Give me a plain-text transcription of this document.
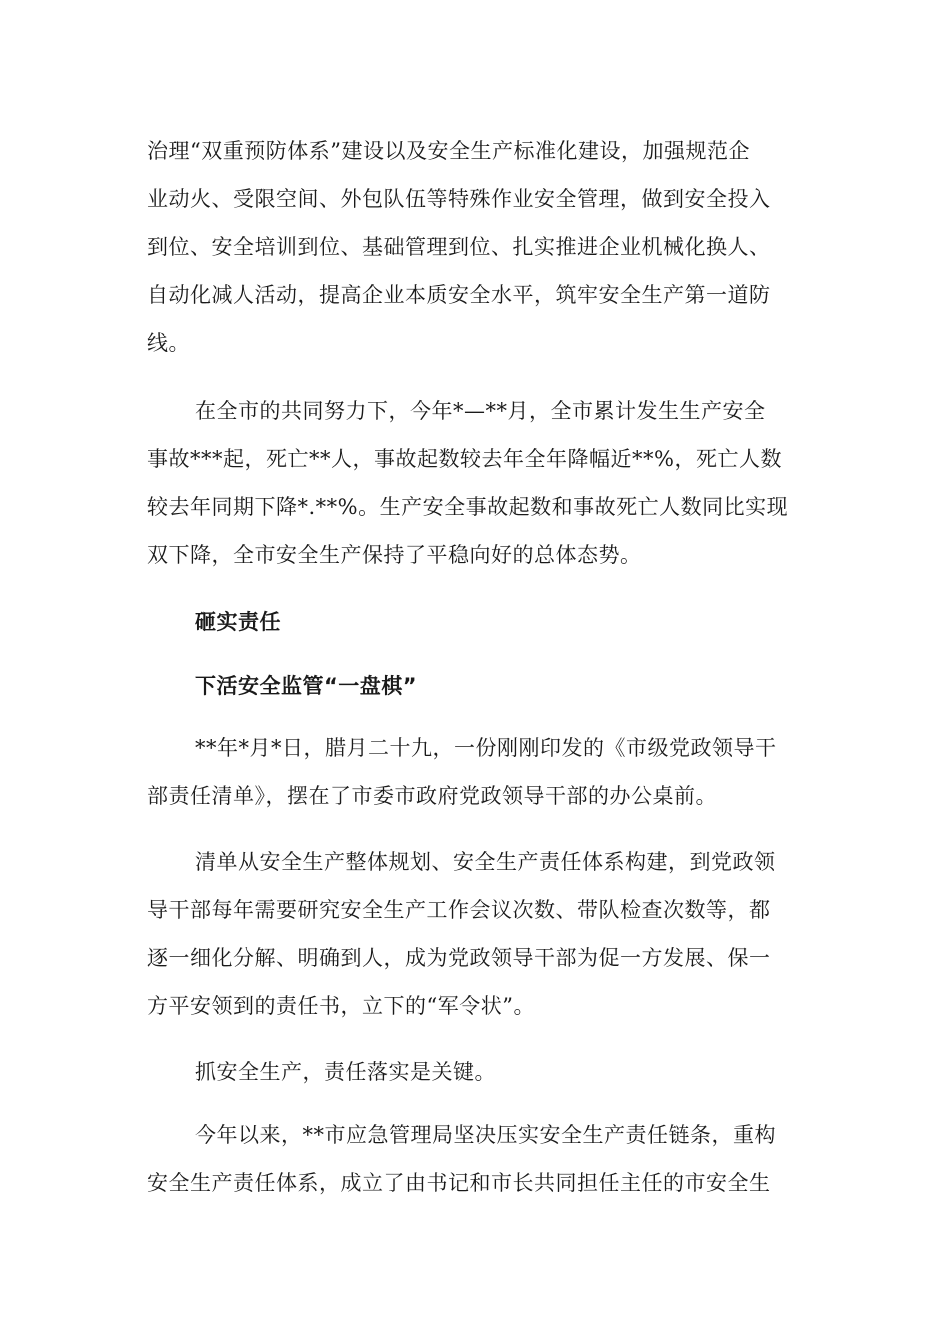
治理“双重预防体系”建设以及安全生产标准化建设，加强规范企
业动火、受限空间、外包队伍等特殊作业安全管理，做到安全投入
到位、安全培训到位、基础管理到位、扎实推进企业机械化换人、
自动化减人活动，提高企业本质安全水平，筑牢安全生产第一道防
线。
在全市的共同努力下，今年*—**月，全市累计发生生产安全
事故***起，死亡**人，事故起数较去年全年降幅近**%，死亡人数
较去年同期下降*.**%。生产安全事故起数和事故死亡人数同比实现
双下降，全市安全生产保持了平稳向好的总体态势。
砸实责任
下活安全监管“一盘棋”
**年*月*日，腊月二十九，一份刚刚印发的《市级党政领导干
部责任清单》，摆在了市委市政府党政领导干部的办公桌前。
清单从安全生产整体规划、安全生产责任体系构建，到党政领
导干部每年需要研究安全生产工作会议次数、带队检查次数等，都
逐一细化分解、明确到人，成为党政领导干部为促一方发展、保一
方平安领到的责任书，立下的“军令状”。
抓安全生产，责任落实是关键。
今年以来，**市应急管理局坚决压实安全生产责任链条，重构
安全生产责任体系，成立了由书记和市长共同担任主任的市安全生
